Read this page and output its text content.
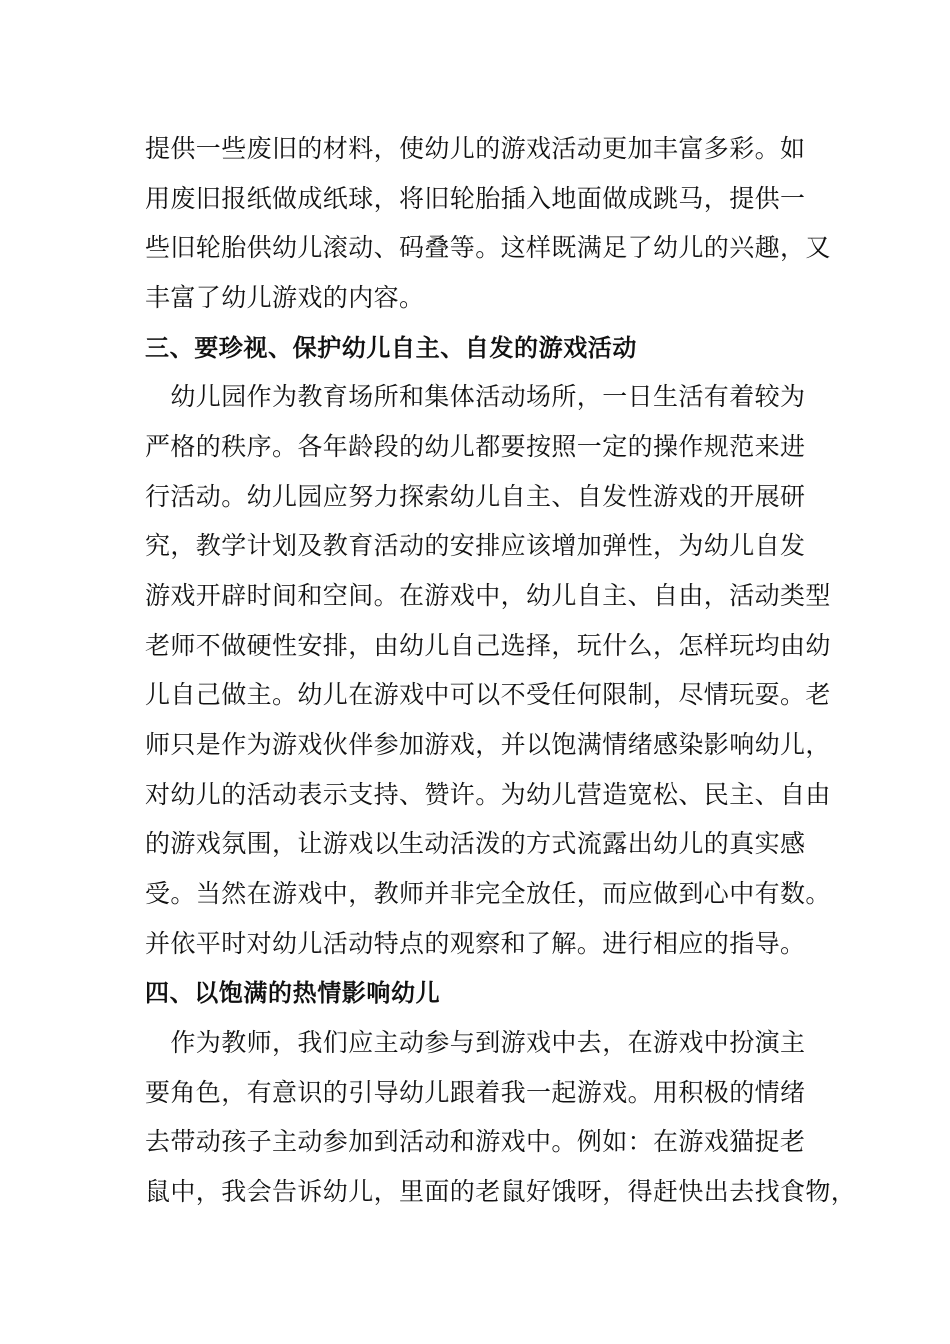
提供一些废旧的材料，使幼儿的游戏活动更加丰富多彩。如
用废旧报纸做成纸球，将旧轮胎插入地面做成跳马，提供一
些旧轮胎供幼儿滚动、码叠等。这样既满足了幼儿的兴趣，又
丰富了幼儿游戏的内容。
三、要珍视、保护幼儿自主、自发的游戏活动
　幼儿园作为教育场所和集体活动场所，一日生活有着较为
严格的秩序。各年龄段的幼儿都要按照一定的操作规范来进
行活动。幼儿园应努力探索幼儿自主、自发性游戏的开展研
究，教学计划及教育活动的安排应该增加弹性，为幼儿自发
游戏开辟时间和空间。在游戏中，幼儿自主、自由，活动类型
老师不做硬性安排，由幼儿自己选择，玩什么，怎样玩均由幼
儿自己做主。幼儿在游戏中可以不受任何限制，尽情玩耍。老
师只是作为游戏伙伴参加游戏，并以饱满情绪感染影响幼儿，
对幼儿的活动表示支持、赞许。为幼儿营造宽松、民主、自由
的游戏氛围，让游戏以生动活泼的方式流露出幼儿的真实感
受。当然在游戏中，教师并非完全放任，而应做到心中有数。
并依平时对幼儿活动特点的观察和了解。进行相应的指导。
四、以饱满的热情影响幼儿
　作为教师，我们应主动参与到游戏中去，在游戏中扮演主
要角色，有意识的引导幼儿跟着我一起游戏。用积极的情绪
去带动孩子主动参加到活动和游戏中。例如：在游戏猫捉老
鼠中，我会告诉幼儿，里面的老鼠好饿呀，得赶快出去找食物，
